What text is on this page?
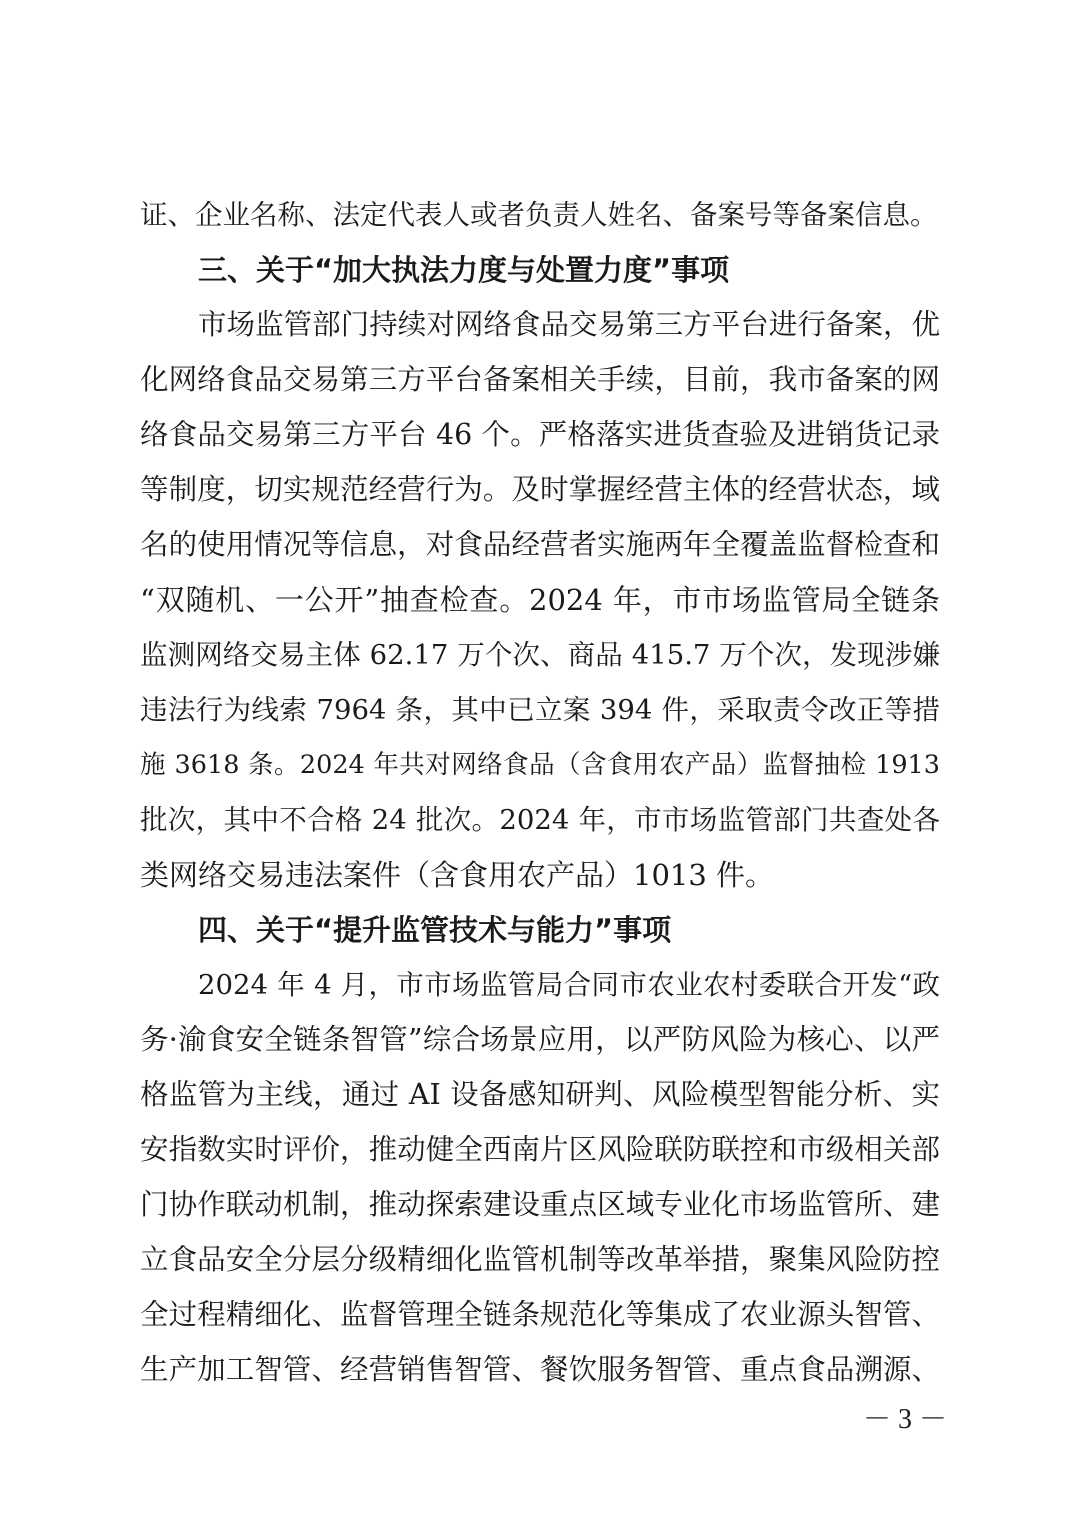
证、企业名称、法定代表人或者负责人姓名、备案号等备案信息。
三、关于“加大执法力度与处置力度”事项
市场监管部门持续对网络食品交易第三方平台进行备案，优
化网络食品交易第三方平台备案相关手续，目前，我市备案的网
络食品交易第三方平台 46 个。严格落实进货查验及进销货记录
等制度，切实规范经营行为。及时掌握经营主体的经营状态，域
名的使用情况等信息，对食品经营者实施两年全覆盖监督检查和
“双随机、一公开”抽查检查。2024 年，市市场监管局全链条
监测网络交易主体 62.17 万个次、商品 415.7 万个次，发现涉嫌
违法行为线索 7964 条，其中已立案 394 件，采取责令改正等措
施 3618 条。2024 年共对网络食品（含食用农产品）监督抽检 1913
批次，其中不合格 24 批次。2024 年，市市场监管部门共查处各
类网络交易违法案件（含食用农产品）1013 件。
四、关于“提升监管技术与能力”事项
2024 年 4 月，市市场监管局合同市农业农村委联合开发“政
务·渝食安全链条智管”综合场景应用，以严防风险为核心、以严
格监管为主线，通过 AI 设备感知研判、风险模型智能分析、实
安指数实时评价，推动健全西南片区风险联防联控和市级相关部
门协作联动机制，推动探索建设重点区域专业化市场监管所、建
立食品安全分层分级精细化监管机制等改革举措，聚集风险防控
全过程精细化、监督管理全链条规范化等集成了农业源头智管、
生产加工智管、经营销售智管、餐饮服务智管、重点食品溯源、
－ 3 －
